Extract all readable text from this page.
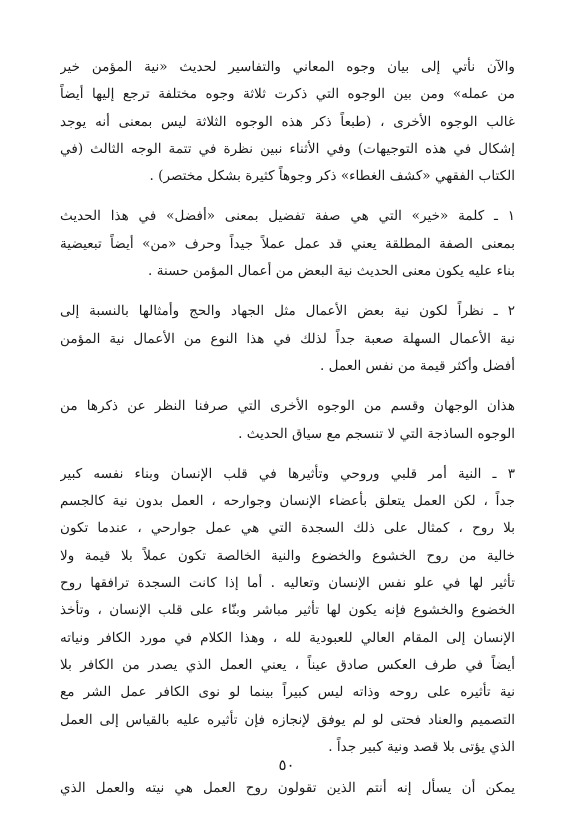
والآن نأتي إلى بيان وجوه المعاني والتفاسير لحديث «نية المؤمن خير
من عمله» ومن بين الوجوه التي ذكرت ثلاثة وجوه مختلفة ترجع إليها أيضاً
غالب الوجوه الأخرى ، (طبعاً ذكر هذه الوجوه الثلاثة ليس بمعنى أنه يوجد
إشكال في هذه التوجيهات) وفي الأثناء نبين نظرة في تتمة الوجه الثالث (في
الكتاب الفقهي «كشف الغطاء» ذكر وجوهاً كثيرة بشكل مختصر) .

١ ـ كلمة «خير» التي هي صفة تفضيل بمعنى «أفضل» في هذا الحديث
بمعنى الصفة المطلقة يعني قد عمل عملاً جيداً وحرف «من» أيضاً تبعيضية
بناء عليه يكون معنى الحديث نية البعض من أعمال المؤمن حسنة .

٢ ـ نظراً لكون نية بعض الأعمال مثل الجهاد والحج وأمثالها بالنسبة إلى
نية الأعمال السهلة صعبة جداً لذلك في هذا النوع من الأعمال نية المؤمن
أفضل وأكثر قيمة من نفس العمل .

هذان الوجهان وقسم من الوجوه الأخرى التي صرفنا النظر عن ذكرها من
الوجوه الساذجة التي لا تنسجم مع سياق الحديث .

٣ ـ النية أمر قلبي وروحي وتأثيرها في قلب الإنسان وبناء نفسه كبير
جداً ، لكن العمل يتعلق بأعضاء الإنسان وجوارحه ، العمل بدون نية كالجسم
بلا روح ، كمثال على ذلك السجدة التي هي عمل جوارحي ، عندما تكون
خالية من روح الخشوع والخضوع والنية الخالصة تكون عملاً بلا قيمة ولا
تأثير لها في علو نفس الإنسان وتعاليه . أما إذا كانت السجدة ترافقها روح
الخضوع والخشوع فإنه يكون لها تأثير مباشر وبنّاء على قلب الإنسان ، وتأخذ
الإنسان إلى المقام العالي للعبودية لله ، وهذا الكلام في مورد الكافر ونياته
أيضاً في طرف العكس صادق عيناً ، يعني العمل الذي يصدر من الكافر بلا
نية تأثيره على روحه وذاته ليس كبيراً بينما لو نوى الكافر عمل الشر مع
التصميم والعناد فحتى لو لم يوفق لإنجازه فإن تأثيره عليه بالقياس إلى العمل
الذي يؤتى بلا قصد ونية كبير جداً .

يمكن أن يسأل إنه أنتم الذين تقولون روح العمل هي نيته والعمل الذي

٥٠
